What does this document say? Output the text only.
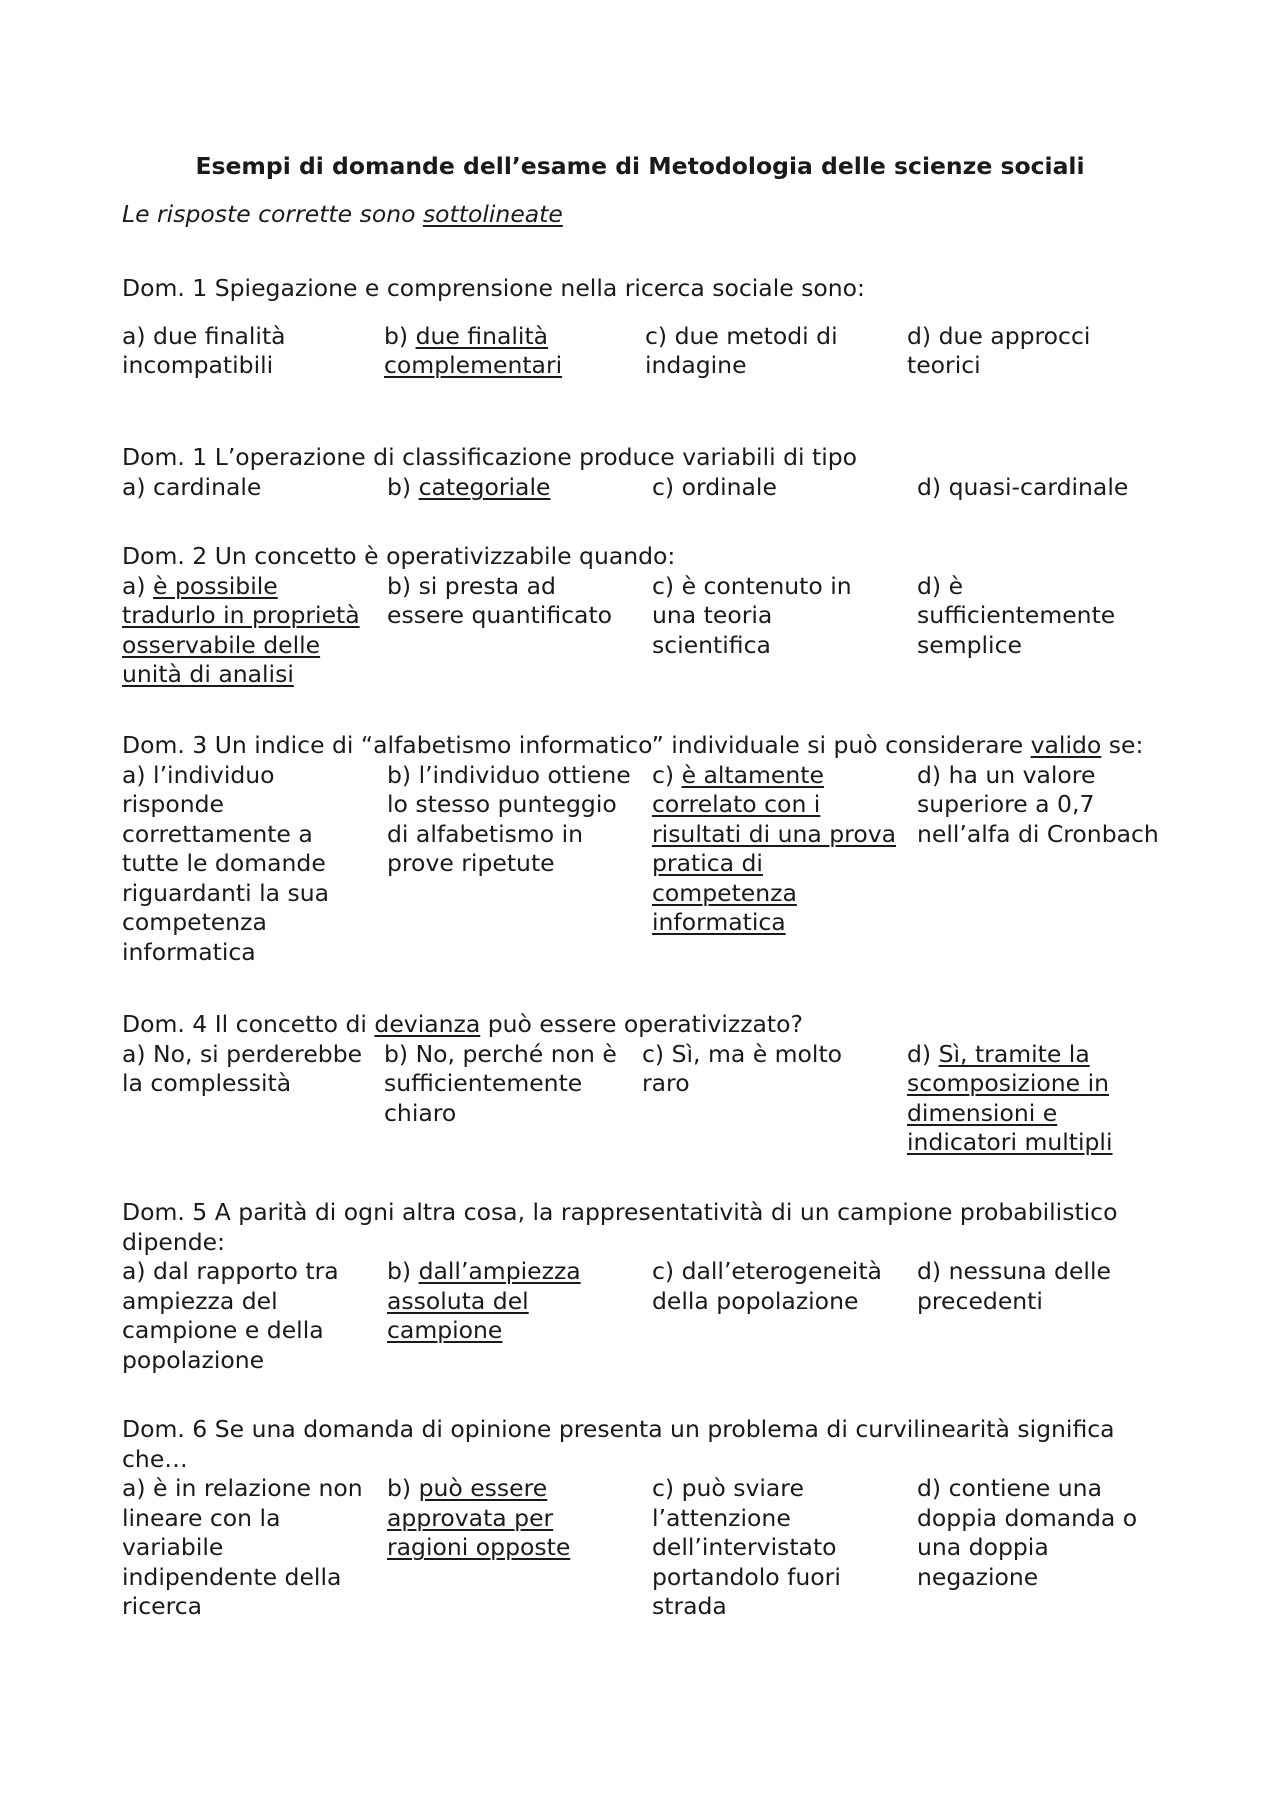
Esempi di domande dell’esame di Metodologia delle scienze sociali
Le risposte corrette sono sottolineate
Dom. 1 Spiegazione e comprensione nella ricerca sociale sono:
a) due finalità incompatibili
b) due finalità complementari
c) due metodi di indagine
d) due approcci teorici
Dom. 1 L’operazione di classificazione produce variabili di tipo
a) cardinale	b) categoriale	c) ordinale	d) quasi-cardinale
Dom. 2 Un concetto è operativizzabile quando:
a) è possibile tradurlo in proprietà osservabile delle unità di analisi
b) si presta ad essere quantificato
c) è contenuto in una teoria scientifica
d) è sufficientemente semplice
Dom. 3 Un indice di “alfabetismo informatico” individuale si può considerare valido se:
a) l’individuo risponde correttamente a tutte le domande riguardanti la sua competenza informatica
b) l’individuo ottiene lo stesso punteggio di alfabetismo in prove ripetute
c) è altamente correlato con i risultati di una prova pratica di competenza informatica
d) ha un valore superiore a 0,7 nell’alfa di Cronbach
Dom. 4 Il concetto di devianza può essere operativizzato?
a) No, si perderebbe la complessità
b) No, perché non è sufficientemente chiaro
c) Sì, ma è molto raro
d) Sì, tramite la scomposizione in dimensioni e indicatori multipli
Dom. 5 A parità di ogni altra cosa, la rappresentatività di un campione probabilistico dipende:
a) dal rapporto tra ampiezza del campione e della popolazione
b) dall’ampiezza assoluta del campione
c) dall’eterogeneità della popolazione
d) nessuna delle precedenti
Dom. 6 Se una domanda di opinione presenta un problema di curvilinearità significa che…
a) è in relazione non lineare con la variabile indipendente della ricerca
b) può essere approvata per ragioni opposte
c) può sviare l’attenzione dell’intervistato portandolo fuori strada
d) contiene una doppia domanda o una doppia negazione
